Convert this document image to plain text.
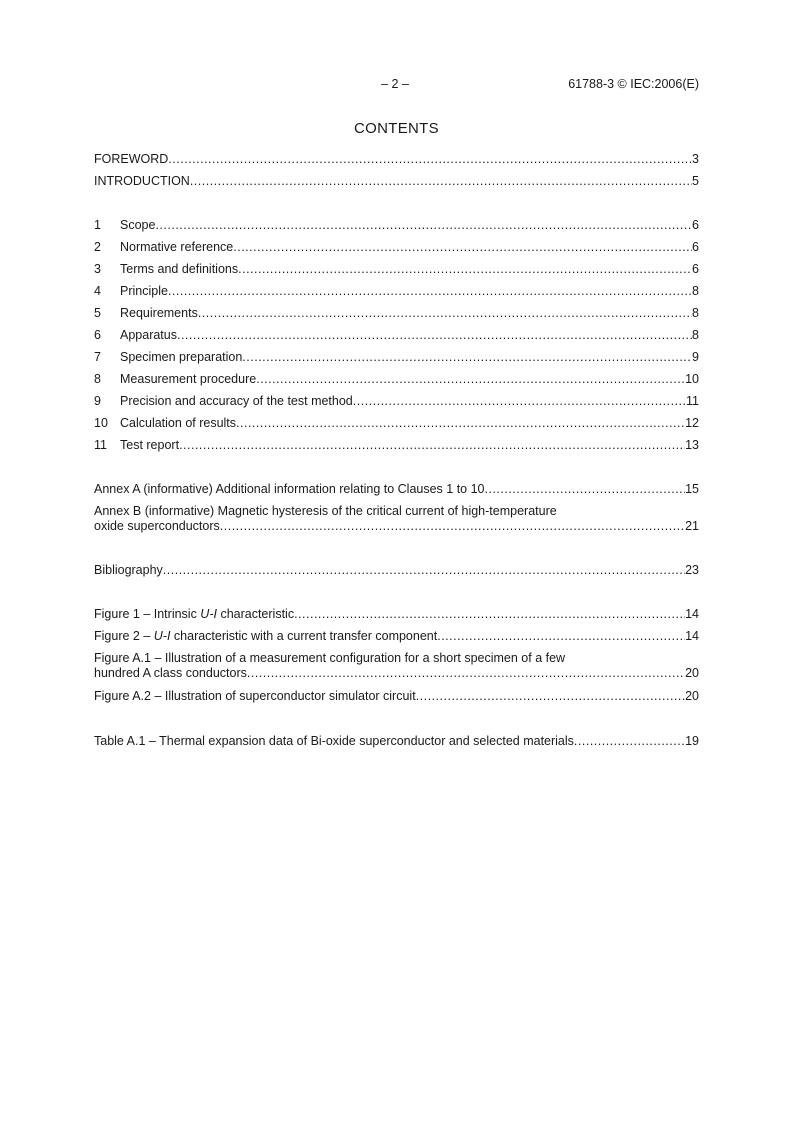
– 2 –	61788-3 © IEC:2006(E)
CONTENTS
FOREWORD .....	3
INTRODUCTION .....	5
1	Scope .....	6
2	Normative reference .....	6
3	Terms and definitions .....	6
4	Principle .....	8
5	Requirements .....	8
6	Apparatus .....	8
7	Specimen preparation .....	9
8	Measurement procedure .....	10
9	Precision and accuracy of the test method .....	11
10 Calculation of results .....	12
11	Test report .....	13
Annex A (informative) Additional information relating to Clauses 1 to 10 .....	15
Annex B (informative) Magnetic hysteresis of the critical current of high-temperature
oxide superconductors .....	21
Bibliography .....	23
Figure 1 – Intrinsic U-I characteristic .....	14
Figure 2 – U-I characteristic with a current transfer component .....	14
Figure A.1 – Illustration of a measurement configuration for a short specimen of a few
hundred A class conductors .....	20
Figure A.2 – Illustration of superconductor simulator circuit .....	20
Table A.1 – Thermal expansion data of Bi-oxide superconductor and selected materials .....	19
